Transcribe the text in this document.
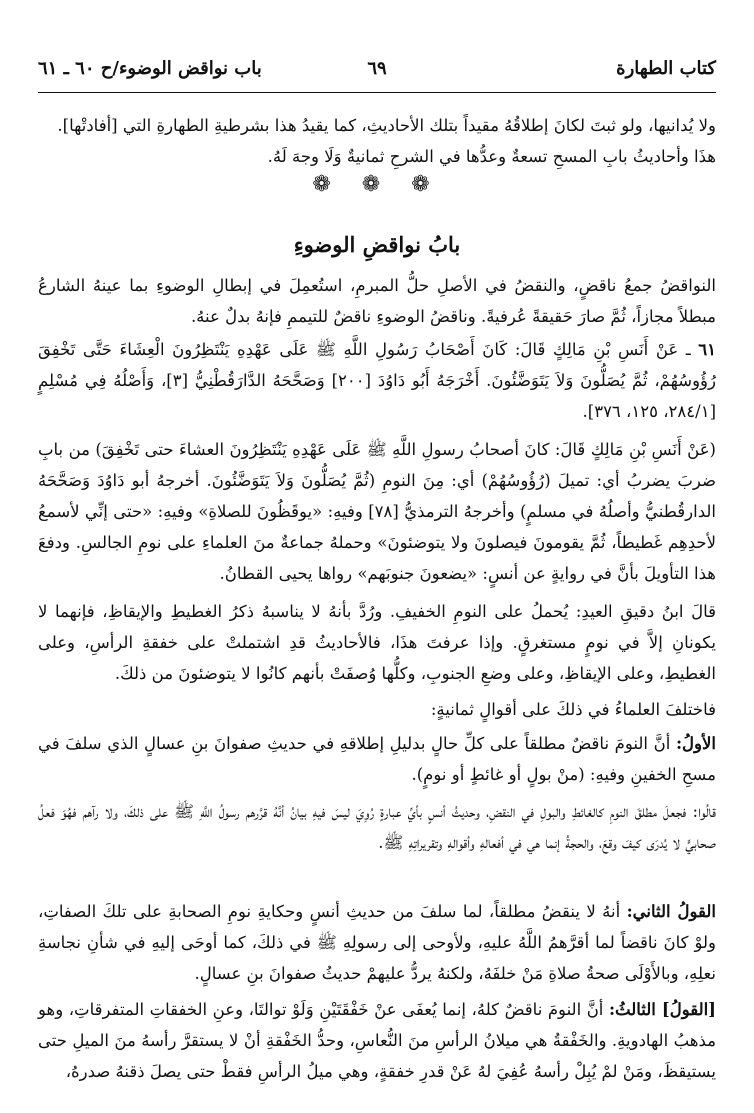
كتاب الطهارة
٦٩
باب نواقض الوضوء/ح ٦٠ ـ ٦١
ولا يُدانيها، ولو ثبتَ لكانَ إطلاقُهُ مقيداً بتلك الأحاديثِ، كما يقيدُ هذا بشرطيةِ الطهارةِ التي [أفادتْها].
هذَا وأحاديثُ بابِ المسحِ تسعةٌ وعدُّها في الشرحِ ثمانيةٌ وَلَا وجهَ لَهُ.
❁ ❁ ❁
بابُ نواقضِ الوضوءِ
النواقضُ جمعُ ناقضٍ، والنقضُ في الأصلِ حلُّ المبرمِ، استُعمِلَ في إبطالِ الوضوءِ بما عينهُ الشارعُ مبطلاً مجازاً، ثُمَّ صارَ حَقيقةً عُرفيةً. وناقضُ الوضوءِ ناقضٌ للتيممِ فإنهُ بدلٌ عنهُ.
٦١ ـ عَنْ أَنَسِ بْنِ مَالِكٍ قَالَ: كَانَ أَصْحَابُ رَسُولِ اللَّهِ ﷺ عَلَى عَهْدِهِ يَنْتَظِرُونَ الْعِشَاءَ حَتَّى تَخْفِقَ رُؤُوسُهُمْ، ثُمَّ يُصَلُّونَ وَلاَ يَتَوَضَّئُونَ. أَخْرَجَهُ أَبُو دَاوُدَ [٢٠٠] وَصَحَّحَهُ الدَّارَقُطْنِيُّ [٣]، وَأَصْلُهُ فِي مُسْلِمٍ [٢٨٤/١، ١٢٥، ٣٧٦].
(عَنْ أَنَسِ بْنِ مَالِكٍ قَالَ: كانَ أصحابُ رسولِ اللَّهِ ﷺ عَلَى عَهْدِهِ يَنْتَظِرُونَ العشاءَ حتى تَخْفِقَ) من بابِ ضربَ يضربُ أي: تميلَ (رُؤُوسُهُمْ) أي: مِنَ النومِ (ثُمَّ يُصَلُّونَ وَلاَ يَتَوَضَّئُونَ. أخرجهُ أبو دَاوُدَ وَصَحَّحَهُ الدارقُطنيُّ وأصلُهُ في مسلمٍ) وأخرجهُ الترمذيُّ [٧٨] وفيهِ: «يوقَظُونَ للصلاةِ» وفيهِ: «حتى إنِّي لأسمعُ لأحدِهِم غَطيطاً، ثُمَّ يقومونَ فيصلونَ ولا يتوضئونَ» وحملهُ جماعةٌ منَ العلماءِ على نومِ الجالسِ. ودفعَ هذا التأويلَ بأنَّ في روايةٍ عن أنسٍ: «يضعونَ جنوبَهم» رواها يحيى القطانُ.
قالَ ابنُ دقيقِ العيدِ: يُحملُ على النومِ الخفيفِ. ورُدَّ بأنهُ لا يناسبهُ ذكرُ الغطيطِ والإيقاظِ، فإنهما لا يكونانِ إلاَّ في نومٍ مستغرقٍ. وإذا عرفتَ هذَا، فالأحاديثُ قدِ اشتملتْ على خفقةِ الرأسِ، وعلى الغطيطِ، وعلى الإيقاظِ، وعلى وضعِ الجنوبِ، وكلُّها وُصفَتْ بأنهم كانُوا لا يتوضئونَ من ذلكَ.
فاختلفَ العلماءُ في ذلكَ على أقوالٍ ثمانيةٍ:
الأولُ: أنَّ النومَ ناقضٌ مطلقاً على كلِّ حالٍ بدليلِ إطلاقهِ في حديثِ صفوانَ بنِ عسالٍ الذي سلفَ في مسحِ الخفينِ وفيهِ: (منْ بولٍ أو غائطٍ أو نومٍ).
قالُوا: فجعلَ مطلقَ النومِ كالغائطِ والبولِ في النقضِ، وحديثُ أنسٍ بأيِّ عبارةٍ رُوِيَ ليسَ فيهِ بيانُ أنَّهُ قرَّرهم رسولُ اللَّهِ ﷺ على ذلكَ، ولا رآهم فهُوَ فعلُ صحابيٍّ لا يُدرَى كيفَ وقعَ، والحجةُ إنما هي في أفعالهِ وأقوالهِ وتقريراتِهِ ﷺ.
القولُ الثاني: أنهُ لا ينقضُ مطلقاً، لما سلفَ من حديثِ أنسٍ وحكايةِ نومِ الصحابةِ على تلكَ الصفاتِ، ولوْ كانَ ناقضاً لما أقرَّهمُ اللَّهُ عليهِ، ولأوحى إلى رسولِهِ ﷺ في ذلكَ، كما أوحَى إليهِ في شأنِ نجاسةِ نعلِهِ، وبالأَوْلَى صحةُ صلاةِ مَنْ خلفَهُ، ولكنهُ يردُّ عليهمْ حديثُ صفوانَ بنِ عسالٍ.
[القولُ] الثالثُ: أنَّ النومَ ناقضٌ كلهُ، إنما يُعفَى عنْ خَفْقَتَيْنِ وَلَوْ توالتَا، وعنِ الخفقاتِ المتفرقاتِ، وهو مذهبُ الهادويةِ. والخَفْقةُ هي ميلانُ الرأسِ منَ النُّعاسِ، وحدُّ الخَفْقةِ أنْ لا يستقرَّ رأسهُ منَ الميلِ حتى يستيقظَ، ومَنْ لمْ يُبِلْ رأسهُ عُفِيَ لهُ عَنْ قدرِ خفقةٍ، وهي ميلُ الرأسِ فقطْ حتى يصلَ ذقنهُ صدرهُ،
